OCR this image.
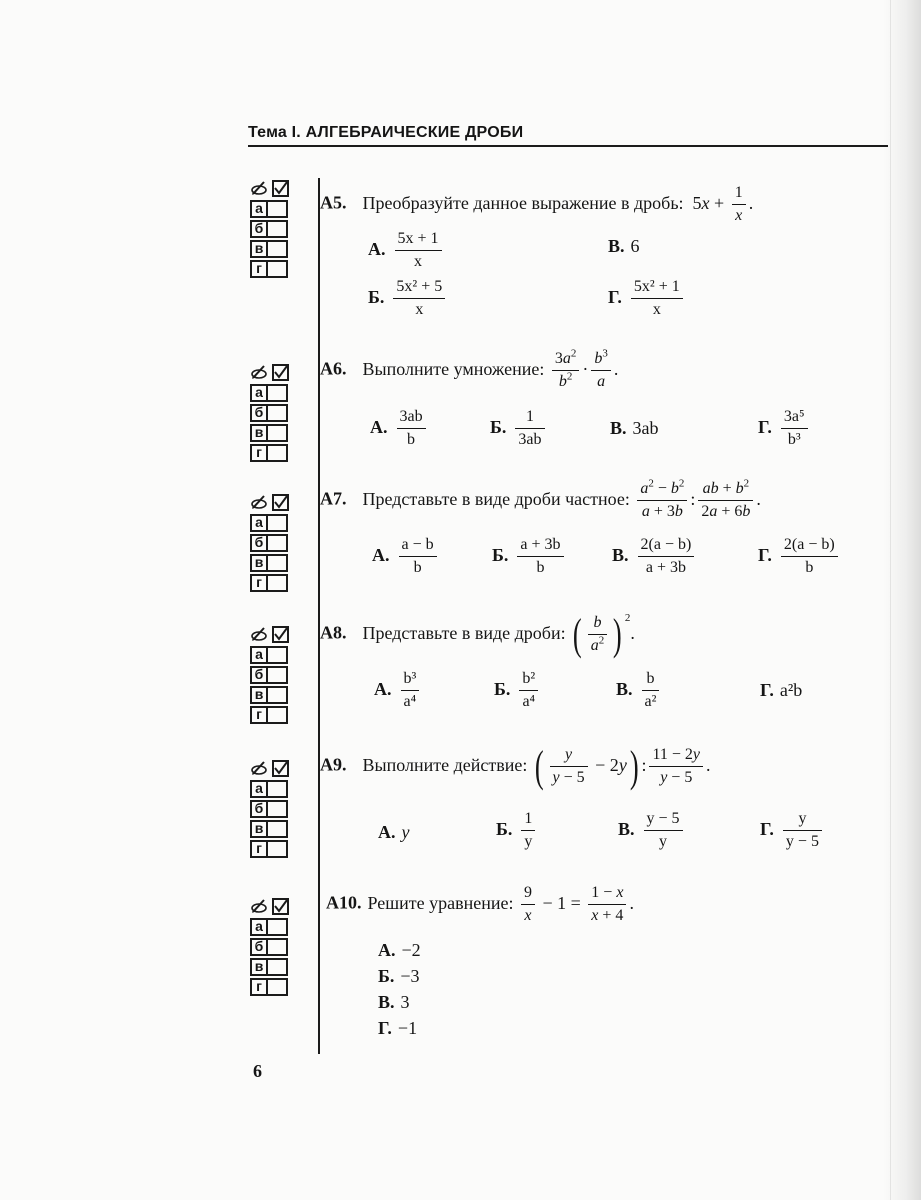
Тема I. АЛГЕБРАИЧЕСКИЕ ДРОБИ
а
б
в
г
А5. Преобразуйте данное выражение в дробь:  $5x + \frac{1}{x}$ .
А. $\frac{5x + 1}{x}$	В. 6
Б. $\frac{\text{5x² + 5}}{x}$	Г. $\frac{\text{5x² + 1}}{x}$
а
б
в
г
А6. Выполните умножение: $\frac{3a^2}{b^2} \cdot \frac{b^3}{a}$ .
А. $\frac{3ab}{b}$	Б. $\frac{1}{3ab}$	В. 3ab	Г. $\frac{\text{3a⁵}}{\text{b³}}$
а
б
в
г
А7. Представьте в виде дроби частное: $\frac{a^2 - b^2}{a + 3b}$ : $\frac{ab + b^2}{2a + 6b}$ .
А. $\frac{a - b}{b}$	Б. $\frac{a + 3b}{b}$	В. $\frac{2(a - b)}{a + 3b}$	Г. $\frac{2(a - b)}{b}$
а
б
в
г
А8. Представьте в виде дроби: ( $\frac{b}{a^2}$ ) $^2$.
А. $\frac{\text{b³}}{\text{a⁴}}$	Б. $\frac{\text{b²}}{\text{a⁴}}$	В. $\frac{b}{\text{a²}}$	Г. a²b
а
б
в
г
А9. Выполните действие: ( $\frac{y}{y - 5} - 2y$) : $\frac{11 - 2y}{y - 5}$ .
А. y	Б. $\frac{1}{y}$	В. $\frac{y - 5}{y}$	Г. $\frac{y}{y - 5}$
а
б
в
г
А10. Решите уравнение: $\frac{9}{x} - 1 = \frac{1 - x}{x + 4}$ .
А. −2
Б. −3
В. 3
Г. −1
6
